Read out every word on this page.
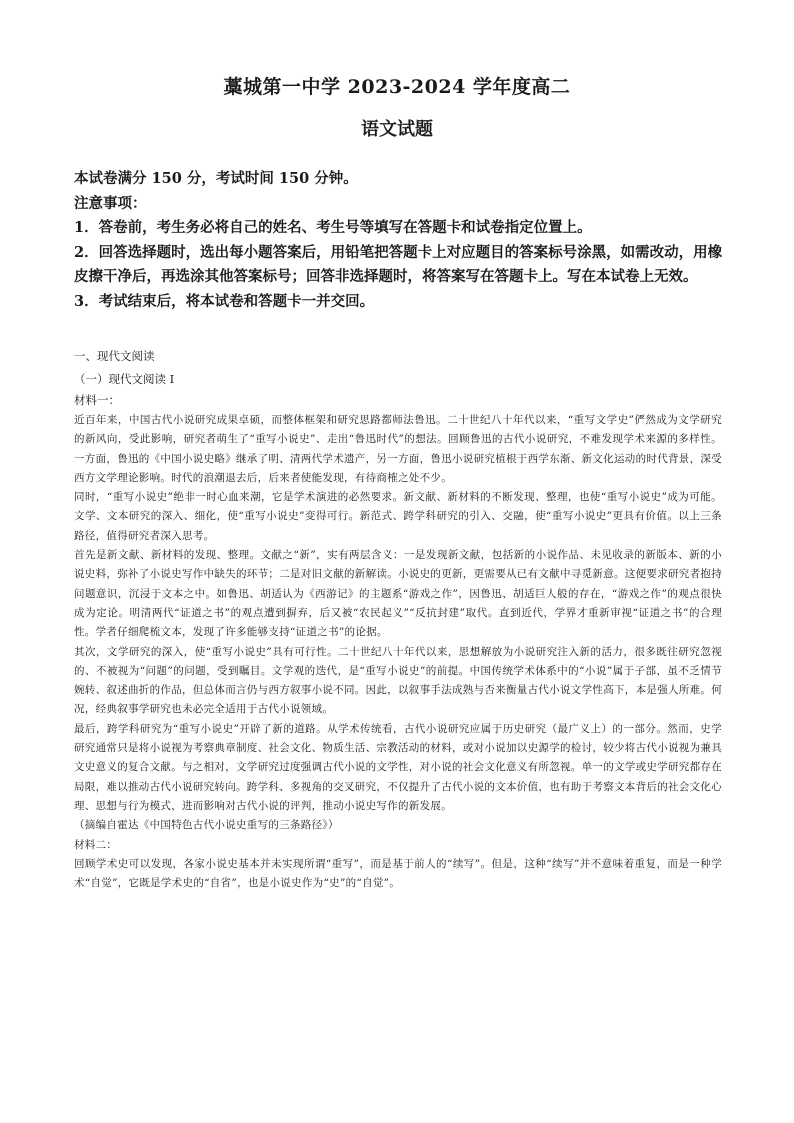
藁城第一中学 2023-2024 学年度高二
语文试题

本试卷满分 150 分，考试时间 150 分钟。

注意事项：

1．答卷前，考生务必将自己的姓名、考生号等填写在答题卡和试卷指定位置上。

2．回答选择题时，选出每小题答案后，用铅笔把答题卡上对应题目的答案标号涂黑，如需改动，用橡皮擦干净后，再选涂其他答案标号；回答非选择题时，将答案写在答题卡上。写在本试卷上无效。

3．考试结束后，将本试卷和答题卡一并交回。

一、现代文阅读
（一）现代文阅读 I
材料一：

近百年来，中国古代小说研究成果卓硕，而整体框架和研究思路都师法鲁迅。二十世纪八十年代以来，“重写文学史”俨然成为文学研究的新风向，受此影响，研究者萌生了“重写小说史”、走出“鲁迅时代”的想法。回顾鲁迅的古代小说研究，不难发现学术来源的多样性。一方面，鲁迅的《中国小说史略》继承了明、清两代学术遗产，另一方面，鲁迅小说研究植根于西学东渐、新文化运动的时代背景，深受西方文学理论影响。时代的浪潮退去后，后来者使能发现，有待商榷之处不少。

同时，“重写小说史”绝非一时心血来潮，它是学术演进的必然要求。新文献、新材料的不断发现、整理，也使“重写小说史”成为可能。文学、文本研究的深入、细化，使“重写小说史”变得可行。新范式、跨学科研究的引入、交融，使“重写小说史”更具有价值。以上三条路径，值得研究者深入思考。

首先是新文献、新材料的发现、整理。文献之“新”，实有两层含义：一是发现新文献，包括新的小说作品、未见收录的新版本、新的小说史料，弥补了小说史写作中缺失的环节；二是对旧文献的新解读。小说史的更新，更需要从已有文献中寻觅新意。这便要求研究者抱持问题意识，沉浸于文本之中。如鲁迅、胡适认为《西游记》的主题系“游戏之作”，因鲁迅、胡适巨人般的存在，“游戏之作”的观点很快成为定论。明清两代“证道之书”的观点遭到摒弃，后又被“农民起义”“反抗封建”取代。直到近代，学界才重新审视“证道之书”的合理性。学者仔细爬梳文本，发现了许多能够支持“证道之书”的论据。

其次，文学研究的深入，使“重写小说史”具有可行性。二十世纪八十年代以来，思想解放为小说研究注入新的活力，很多既往研究忽视的、不被视为“问题”的问题，受到瞩目。文学观的迭代，是“重写小说史”的前提。中国传统学术体系中的“小说”属于子部，虽不乏情节婉转、叙述曲折的作品，但总体而言仍与西方叙事小说不同。因此，以叙事手法成熟与否来衡量古代小说文学性高下，本是强人所难。何况，经典叙事学研究也未必完全适用于古代小说领域。

最后，跨学科研究为“重写小说史”开辟了新的道路。从学术传统看，古代小说研究应属于历史研究（最广义上）的一部分。然而，史学研究通常只是将小说视为考察典章制度、社会文化、物质生活、宗教活动的材料，或对小说加以史源学的检讨，较少将古代小说视为兼具文史意义的复合文献。与之相对，文学研究过度强调古代小说的文学性，对小说的社会文化意义有所忽视。单一的文学或史学研究都存在局限，难以推动古代小说研究转向。跨学科、多视角的交叉研究，不仅提升了古代小说的文本价值，也有助于考察文本背后的社会文化心理、思想与行为模式，进而影响对古代小说的评判，推动小说史写作的新发展。

（摘编自霍达《中国特色古代小说史重写的三条路径》）

材料二：

回顾学术史可以发现，各家小说史基本并未实现所谓“重写”，而是基于前人的“续写”。但是，这种“续写”并不意味着重复，而是一种学术“自觉”，它既是学术史的“自省”，也是小说史作为“史”的“自觉”。
